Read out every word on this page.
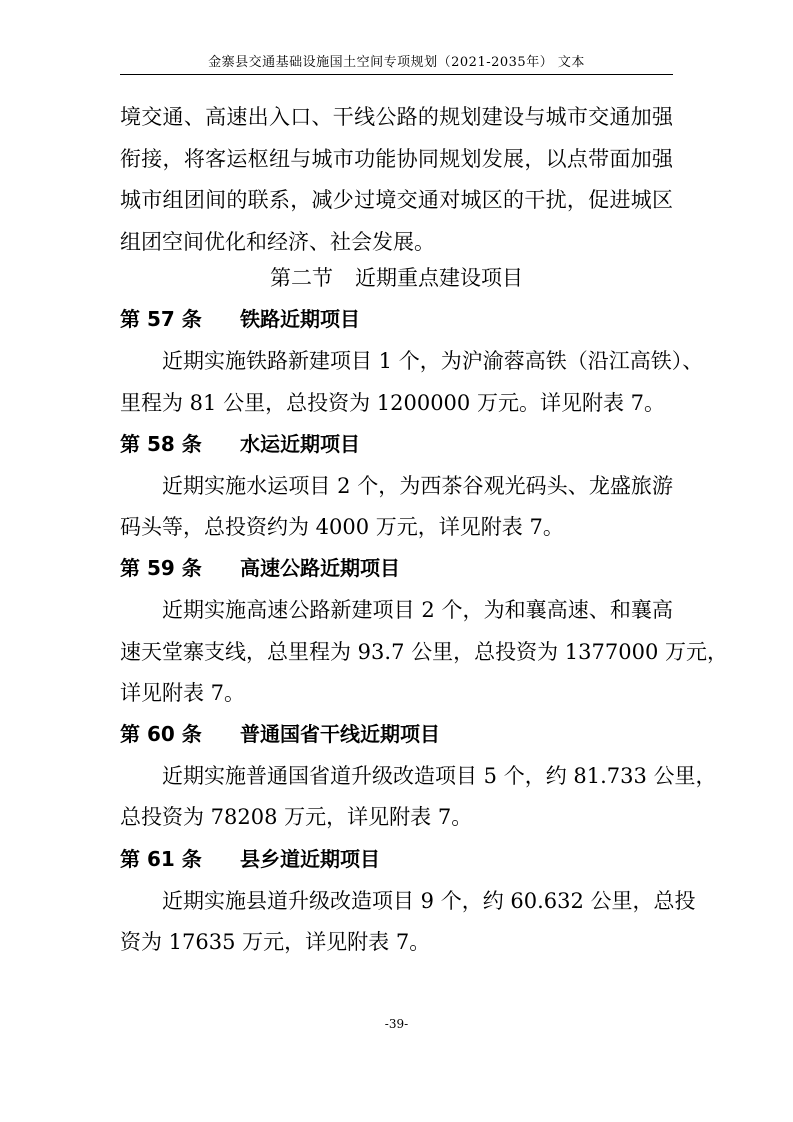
金寨县交通基础设施国土空间专项规划（2021-2035年） 文本
境交通、高速出入口、干线公路的规划建设与城市交通加强
衔接，将客运枢纽与城市功能协同规划发展，以点带面加强
城市组团间的联系，减少过境交通对城区的干扰，促进城区
组团空间优化和经济、社会发展。
第二节 近期重点建设项目
第 57 条 铁路近期项目
近期实施铁路新建项目 1 个，为沪渝蓉高铁（沿江高铁）、
里程为 81 公里，总投资为 1200000 万元。详见附表 7。
第 58 条 水运近期项目
近期实施水运项目 2 个，为西茶谷观光码头、龙盛旅游
码头等，总投资约为 4000 万元，详见附表 7。
第 59 条 高速公路近期项目
近期实施高速公路新建项目 2 个，为和襄高速、和襄高
速天堂寨支线，总里程为 93.7 公里，总投资为 1377000 万元，
详见附表 7。
第 60 条 普通国省干线近期项目
近期实施普通国省道升级改造项目 5 个，约 81.733 公里，
总投资为 78208 万元，详见附表 7。
第 61 条 县乡道近期项目
近期实施县道升级改造项目 9 个，约 60.632 公里，总投
资为 17635 万元，详见附表 7。
-39-
